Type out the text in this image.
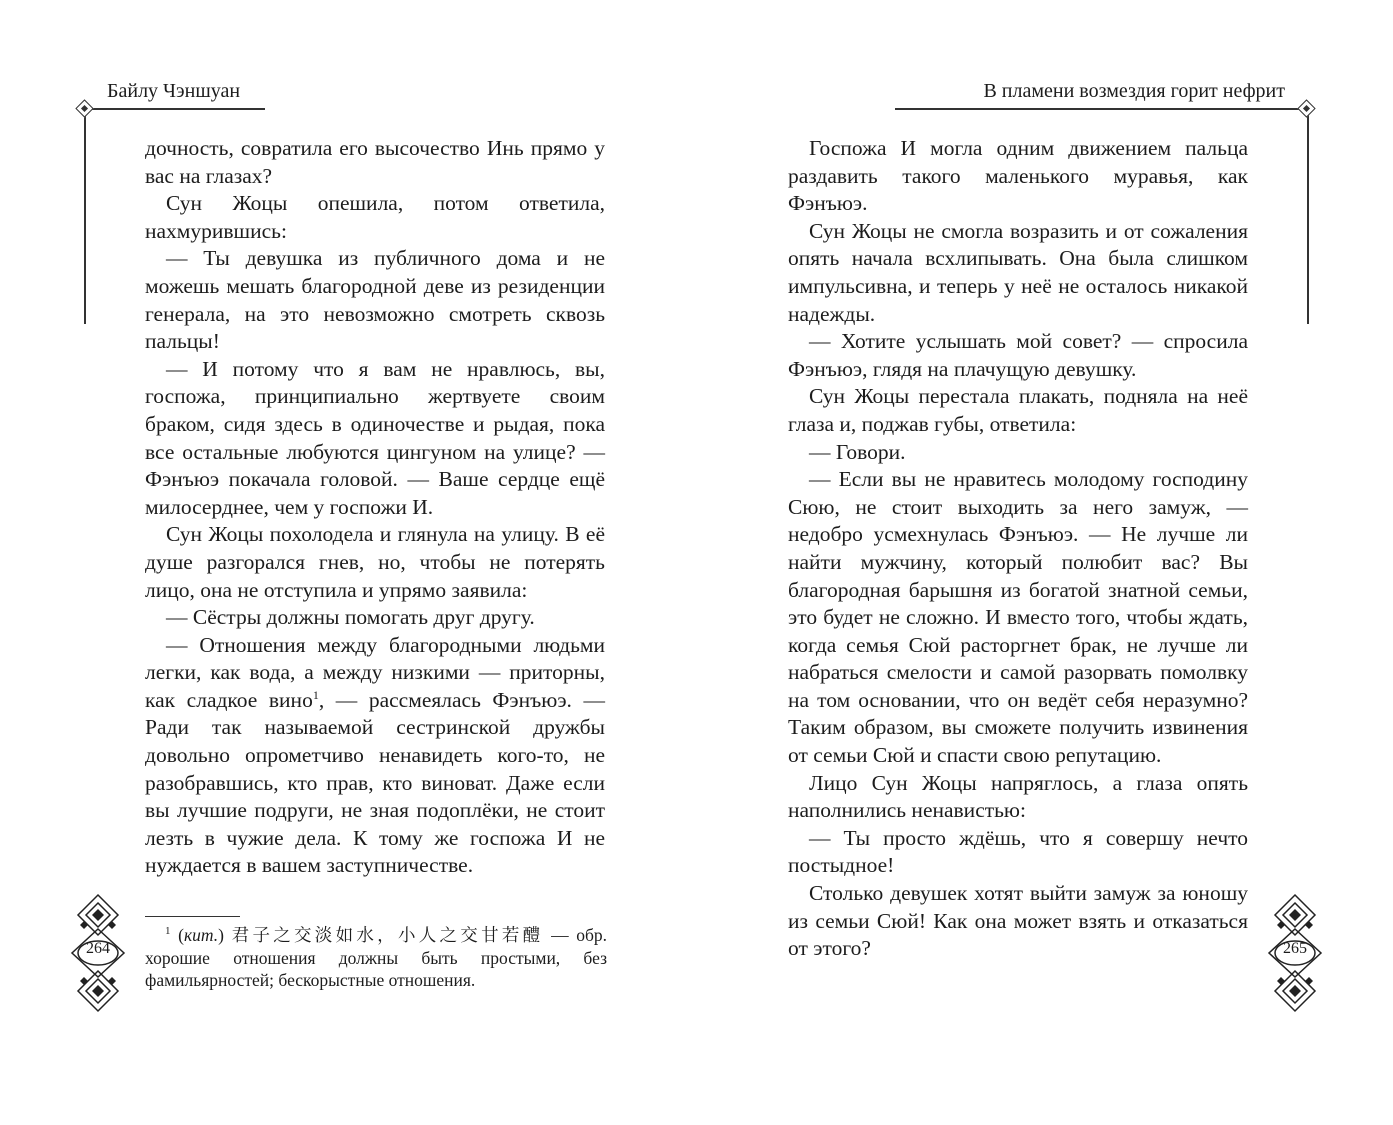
Байлу Чэншуан	В пламени возмездия горит нефрит

дочность, совратила его высочество Инь прямо у вас на глазах?

Сун Жоцы опешила, потом ответила, нахмурившись:

— Ты девушка из публичного дома и не можешь мешать благородной деве из резиденции генерала, на это невозможно смотреть сквозь пальцы!

— И потому что я вам не нравлюсь, вы, госпожа, принципиально жертвуете своим браком, сидя здесь в одиночестве и рыдая, пока все остальные любуются цингуном на улице? — Фэнъюэ покачала головой. — Ваше сердце ещё милосерднее, чем у госпожи И.

Сун Жоцы похолодела и глянула на улицу. В её душе разгорался гнев, но, чтобы не потерять лицо, она не отступила и упрямо заявила:

— Сёстры должны помогать друг другу.

— Отношения между благородными людьми легки, как вода, а между низкими — приторны, как сладкое вино$^1$, — рассмеялась Фэнъюэ. — Ради так называемой сестринской дружбы довольно опрометчиво ненавидеть кого-то, не разобравшись, кто прав, кто виноват. Даже если вы лучшие подруги, не зная подоплёки, не стоит лезть в чужие дела. К тому же госпожа И не нуждается в вашем заступничестве.

$^1$ (кит.) 君子之交淡如水，小人之交甘若醴 — обр. хорошие отношения должны быть простыми, без фамильярностей; бескорыстные отношения.

Госпожа И могла одним движением пальца раздавить такого маленького муравья, как Фэнъюэ.

Сун Жоцы не смогла возразить и от сожаления опять начала всхлипывать. Она была слишком импульсивна, и теперь у неё не осталось никакой надежды.

— Хотите услышать мой совет? — спросила Фэнъюэ, глядя на плачущую девушку.

Сун Жоцы перестала плакать, подняла на неё глаза и, поджав губы, ответила:

— Говори.

— Если вы не нравитесь молодому господину Сюю, не стоит выходить за него замуж, — недобро усмехнулась Фэнъюэ. — Не лучше ли найти мужчину, который полюбит вас? Вы благородная барышня из богатой знатной семьи, это будет не сложно. И вместо того, чтобы ждать, когда семья Сюй расторгнет брак, не лучше ли набраться смелости и самой разорвать помолвку на том основании, что он ведёт себя неразумно? Таким образом, вы сможете получить извинения от семьи Сюй и спасти свою репутацию.

Лицо Сун Жоцы напряглось, а глаза опять наполнились ненавистью:

— Ты просто ждёшь, что я совершу нечто постыдное!

Столько девушек хотят выйти замуж за юношу из семьи Сюй! Как она может взять и отказаться от этого?

264	265
